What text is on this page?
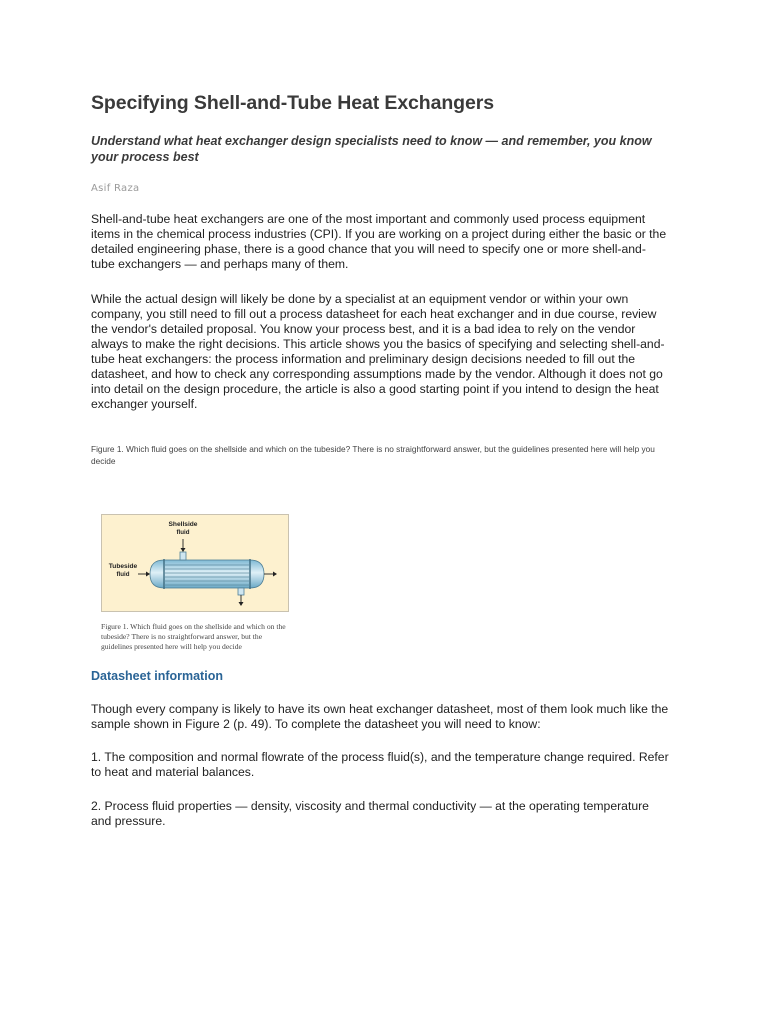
Specifying Shell-and-Tube Heat Exchangers

Understand what heat exchanger design specialists need to know — and remember, you know your process best

Asif Raza

Shell-and-tube heat exchangers are one of the most important and commonly used process equipment items in the chemical process industries (CPI). If you are working on a project during either the basic or the detailed engineering phase, there is a good chance that you will need to specify one or more shell-and-tube exchangers — and perhaps many of them.

While the actual design will likely be done by a specialist at an equipment vendor or within your own company, you still need to fill out a process datasheet for each heat exchanger and in due course, review the vendor's detailed proposal. You know your process best, and it is a bad idea to rely on the vendor always to make the right decisions. This article shows you the basics of specifying and selecting shell-and-tube heat exchangers: the process information and preliminary design decisions needed to fill out the datasheet, and how to check any corresponding assumptions made by the vendor. Although it does not go into detail on the design procedure, the article is also a good starting point if you intend to design the heat exchanger yourself.

Figure 1. Which fluid goes on the shellside and which on the tubeside? There is no straightforward answer, but the guidelines presented here will help you decide
Shellside
fluid
Tubeside
fluid
Figure 1. Which fluid goes on the shellside and which on the tubeside? There is no straightforward answer, but the guidelines presented here will help you decide
Datasheet information

Though every company is likely to have its own heat exchanger datasheet, most of them look much like the sample shown in Figure 2 (p. 49). To complete the datasheet you will need to know:

1. The composition and normal flowrate of the process fluid(s), and the temperature change required. Refer to heat and material balances.

2. Process fluid properties — density, viscosity and thermal conductivity — at the operating temperature and pressure.
